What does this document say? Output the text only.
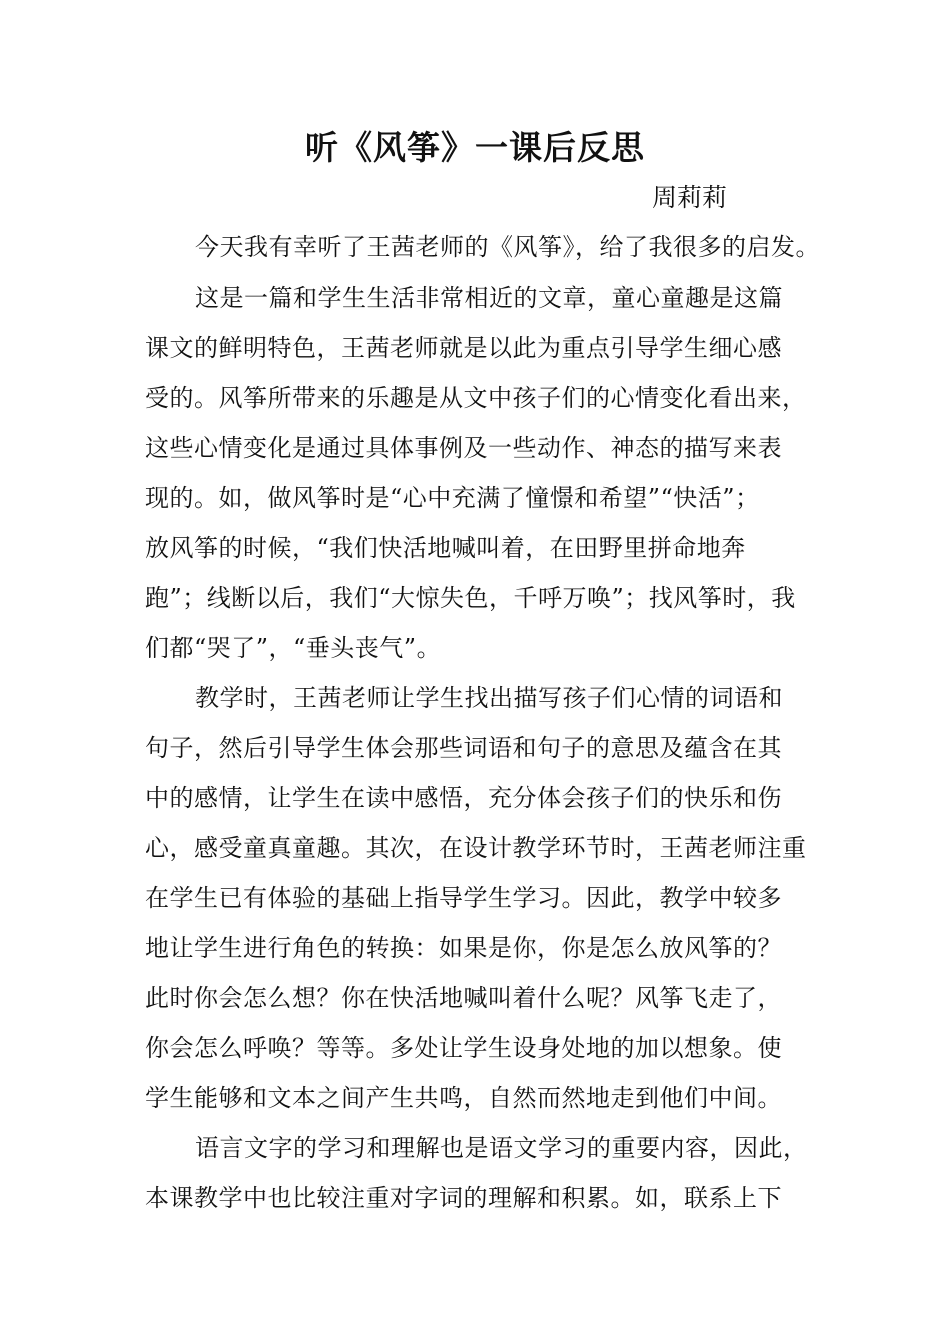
听《风筝》一课后反思
周莉莉
今天我有幸听了王茜老师的《风筝》，给了我很多的启发。
这是一篇和学生生活非常相近的文章，童心童趣是这篇
课文的鲜明特色，王茜老师就是以此为重点引导学生细心感
受的。风筝所带来的乐趣是从文中孩子们的心情变化看出来，
这些心情变化是通过具体事例及一些动作、神态的描写来表
现的。如，做风筝时是“心中充满了憧憬和希望”“快活”；
放风筝的时候，“我们快活地喊叫着，在田野里拼命地奔
跑”；线断以后，我们“大惊失色，千呼万唤”；找风筝时，我
们都“哭了”，“垂头丧气”。
教学时，王茜老师让学生找出描写孩子们心情的词语和
句子，然后引导学生体会那些词语和句子的意思及蕴含在其
中的感情，让学生在读中感悟，充分体会孩子们的快乐和伤
心，感受童真童趣。其次，在设计教学环节时，王茜老师注重
在学生已有体验的基础上指导学生学习。因此，教学中较多
地让学生进行角色的转换：如果是你，你是怎么放风筝的？
此时你会怎么想？你在快活地喊叫着什么呢？风筝飞走了，
你会怎么呼唤？等等。多处让学生设身处地的加以想象。使
学生能够和文本之间产生共鸣，自然而然地走到他们中间。
语言文字的学习和理解也是语文学习的重要内容，因此，
本课教学中也比较注重对字词的理解和积累。如，联系上下
